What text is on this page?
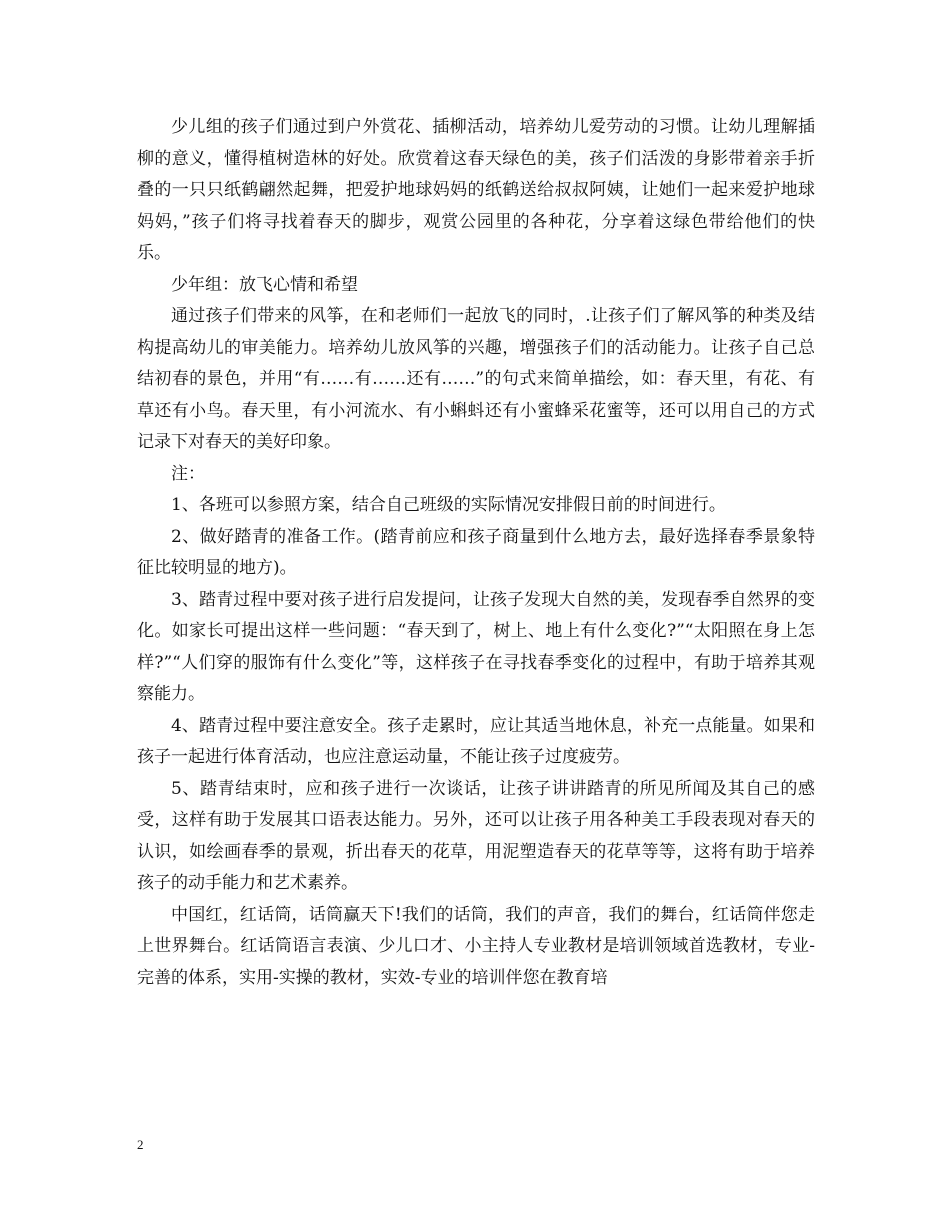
少儿组的孩子们通过到户外赏花、插柳活动，培养幼儿爱劳动的习惯。让幼儿理解插柳的意义，懂得植树造林的好处。欣赏着这春天绿色的美，孩子们活泼的身影带着亲手折叠的一只只纸鹤翩然起舞，把爱护地球妈妈的纸鹤送给叔叔阿姨，让她们一起来爱护地球妈妈，”孩子们将寻找着春天的脚步，观赏公园里的各种花，分享着这绿色带给他们的快乐。

少年组：放飞心情和希望

通过孩子们带来的风筝，在和老师们一起放飞的同时，.让孩子们了解风筝的种类及结构提高幼儿的审美能力。培养幼儿放风筝的兴趣，增强孩子们的活动能力。让孩子自己总结初春的景色，并用“有……有……还有……”的句式来简单描绘，如：春天里，有花、有草还有小鸟。春天里，有小河流水、有小蝌蚪还有小蜜蜂采花蜜等，还可以用自己的方式记录下对春天的美好印象。

注：

1、各班可以参照方案，结合自己班级的实际情况安排假日前的时间进行。

2、做好踏青的准备工作。(踏青前应和孩子商量到什么地方去，最好选择春季景象特征比较明显的地方)。

3、踏青过程中要对孩子进行启发提问，让孩子发现大自然的美，发现春季自然界的变化。如家长可提出这样一些问题：“春天到了，树上、地上有什么变化?”“太阳照在身上怎样?”“人们穿的服饰有什么变化”等，这样孩子在寻找春季变化的过程中，有助于培养其观察能力。

4、踏青过程中要注意安全。孩子走累时，应让其适当地休息，补充一点能量。如果和孩子一起进行体育活动，也应注意运动量，不能让孩子过度疲劳。

5、踏青结束时，应和孩子进行一次谈话，让孩子讲讲踏青的所见所闻及其自己的感受，这样有助于发展其口语表达能力。另外，还可以让孩子用各种美工手段表现对春天的认识，如绘画春季的景观，折出春天的花草，用泥塑造春天的花草等等，这将有助于培养孩子的动手能力和艺术素养。

中国红，红话筒，话筒赢天下!我们的话筒，我们的声音，我们的舞台，红话筒伴您走上世界舞台。红话筒语言表演、少儿口才、小主持人专业教材是培训领域首选教材，专业-完善的体系，实用-实操的教材，实效-专业的培训伴您在教育培

2
